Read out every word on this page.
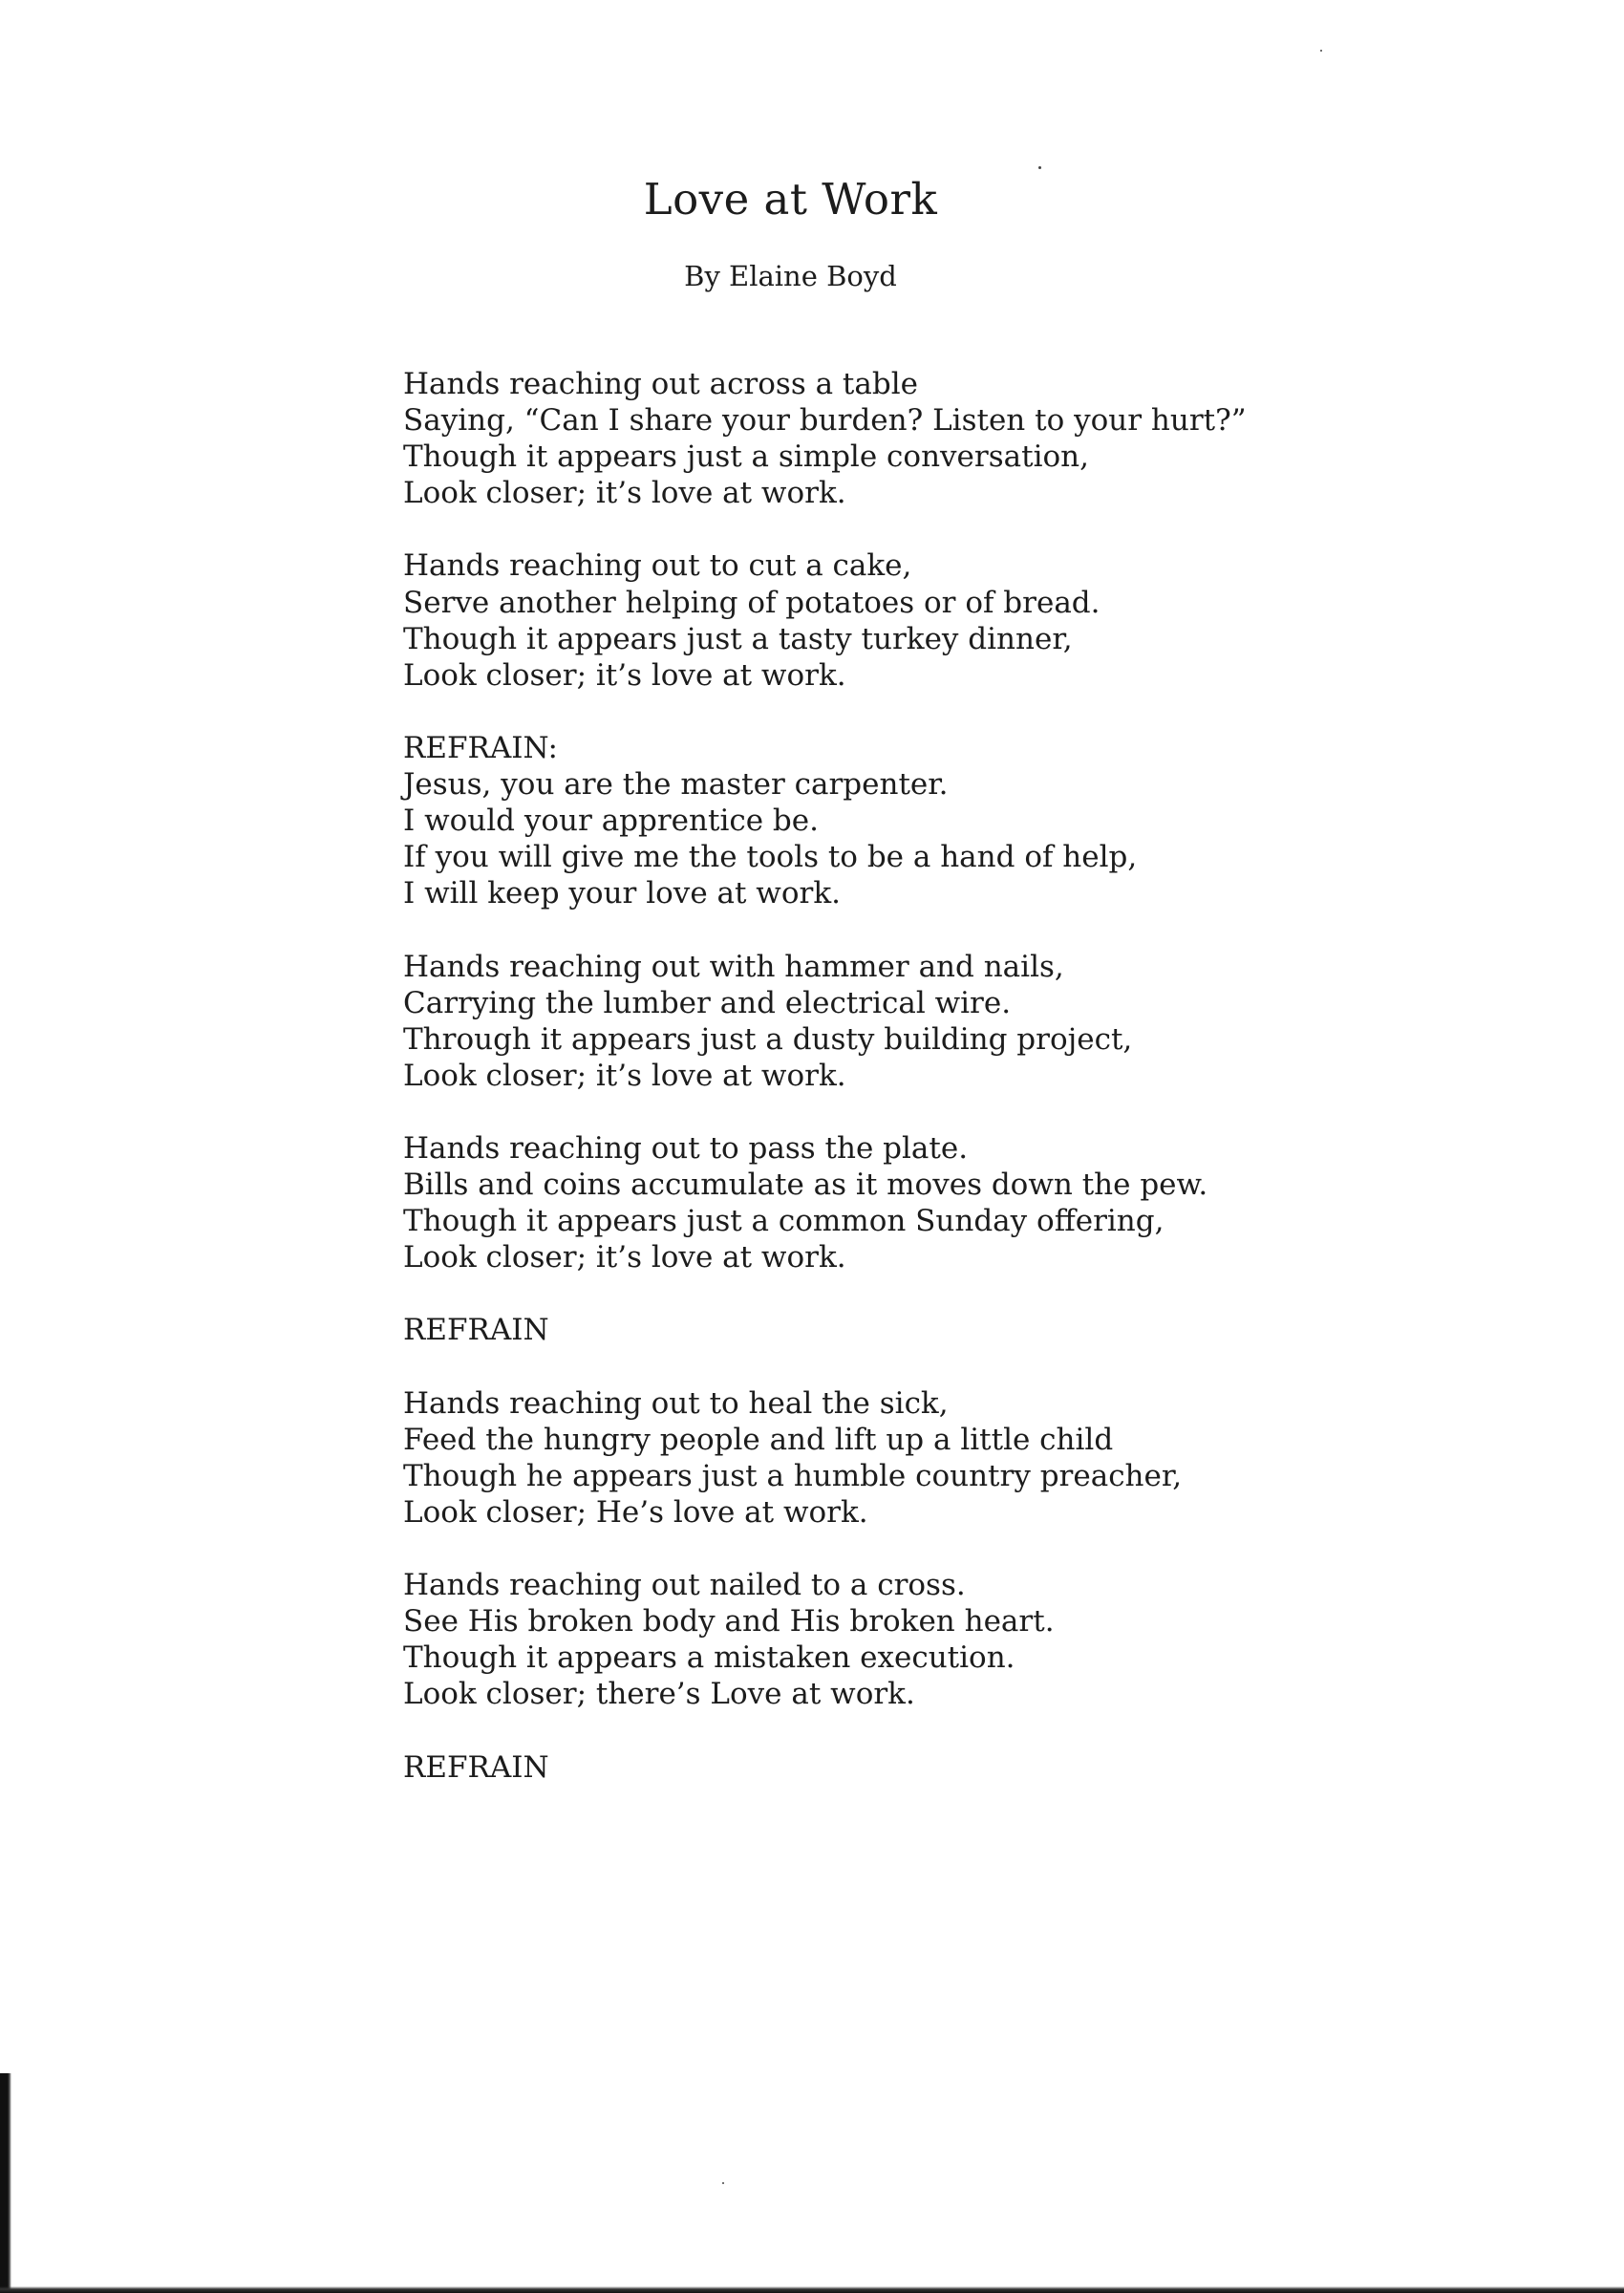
Love at Work

By Elaine Boyd

Hands reaching out across a table
Saying, “Can I share your burden? Listen to your hurt?”
Though it appears just a simple conversation,
Look closer; it’s love at work.
Hands reaching out to cut a cake,
Serve another helping of potatoes or of bread.
Though it appears just a tasty turkey dinner,
Look closer; it’s love at work.
REFRAIN:
Jesus, you are the master carpenter.
I would your apprentice be.
If you will give me the tools to be a hand of help,
I will keep your love at work.
Hands reaching out with hammer and nails,
Carrying the lumber and electrical wire.
Through it appears just a dusty building project,
Look closer; it’s love at work.
Hands reaching out to pass the plate.
Bills and coins accumulate as it moves down the pew.
Though it appears just a common Sunday offering,
Look closer; it’s love at work.
REFRAIN
Hands reaching out to heal the sick,
Feed the hungry people and lift up a little child
Though he appears just a humble country preacher,
Look closer; He’s love at work.
Hands reaching out nailed to a cross.
See His broken body and His broken heart.
Though it appears a mistaken execution.
Look closer; there’s Love at work.
REFRAIN
